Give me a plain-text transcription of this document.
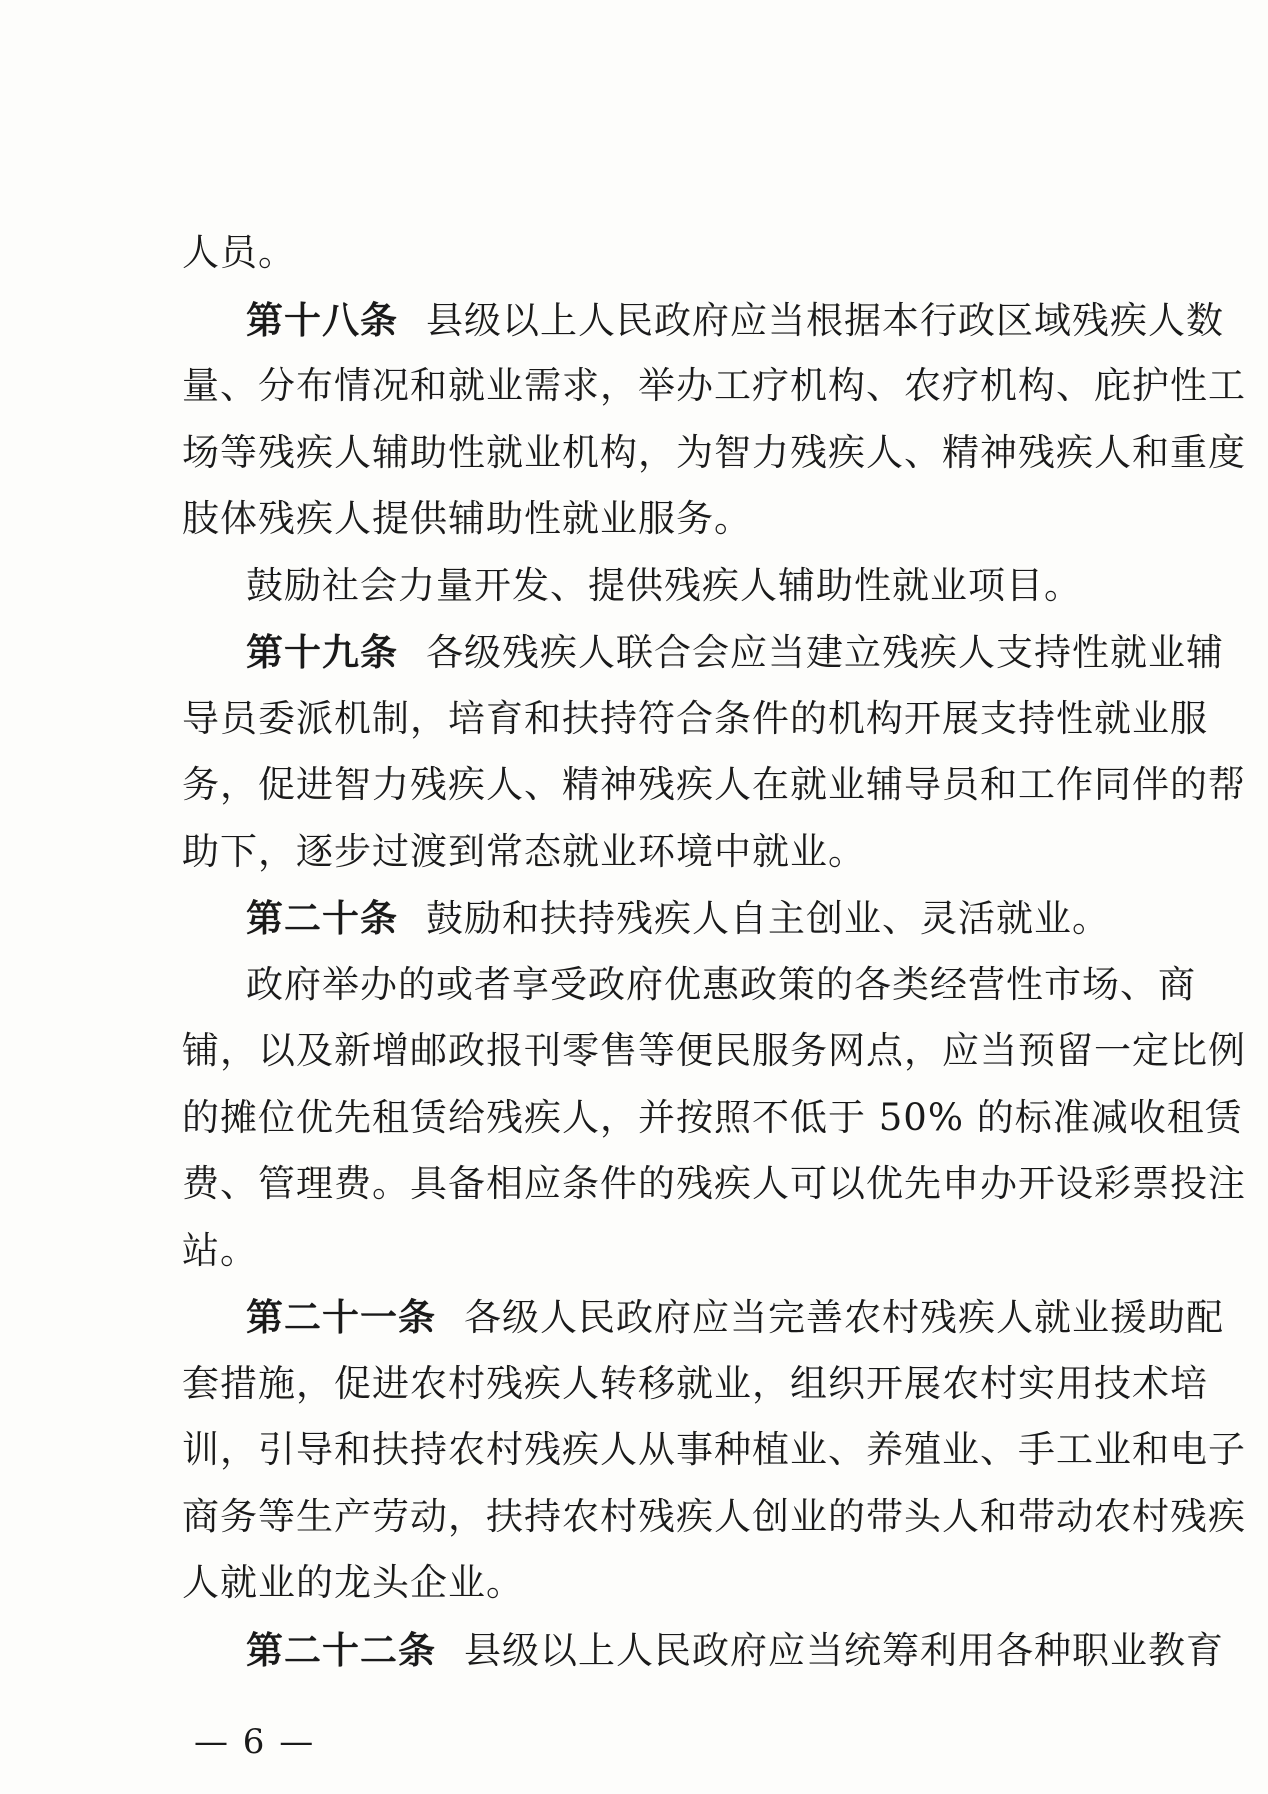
人员。
第十八条 县级以上人民政府应当根据本行政区域残疾人数
量、分布情况和就业需求，举办工疗机构、农疗机构、庇护性工
场等残疾人辅助性就业机构，为智力残疾人、精神残疾人和重度
肢体残疾人提供辅助性就业服务。
鼓励社会力量开发、提供残疾人辅助性就业项目。
第十九条 各级残疾人联合会应当建立残疾人支持性就业辅
导员委派机制，培育和扶持符合条件的机构开展支持性就业服
务，促进智力残疾人、精神残疾人在就业辅导员和工作同伴的帮
助下，逐步过渡到常态就业环境中就业。
第二十条 鼓励和扶持残疾人自主创业、灵活就业。
政府举办的或者享受政府优惠政策的各类经营性市场、商
铺，以及新增邮政报刊零售等便民服务网点，应当预留一定比例
的摊位优先租赁给残疾人，并按照不低于 50% 的标准减收租赁
费、管理费。具备相应条件的残疾人可以优先申办开设彩票投注
站。
第二十一条 各级人民政府应当完善农村残疾人就业援助配
套措施，促进农村残疾人转移就业，组织开展农村实用技术培
训，引导和扶持农村残疾人从事种植业、养殖业、手工业和电子
商务等生产劳动，扶持农村残疾人创业的带头人和带动农村残疾
人就业的龙头企业。
第二十二条 县级以上人民政府应当统筹利用各种职业教育
— 6 —
